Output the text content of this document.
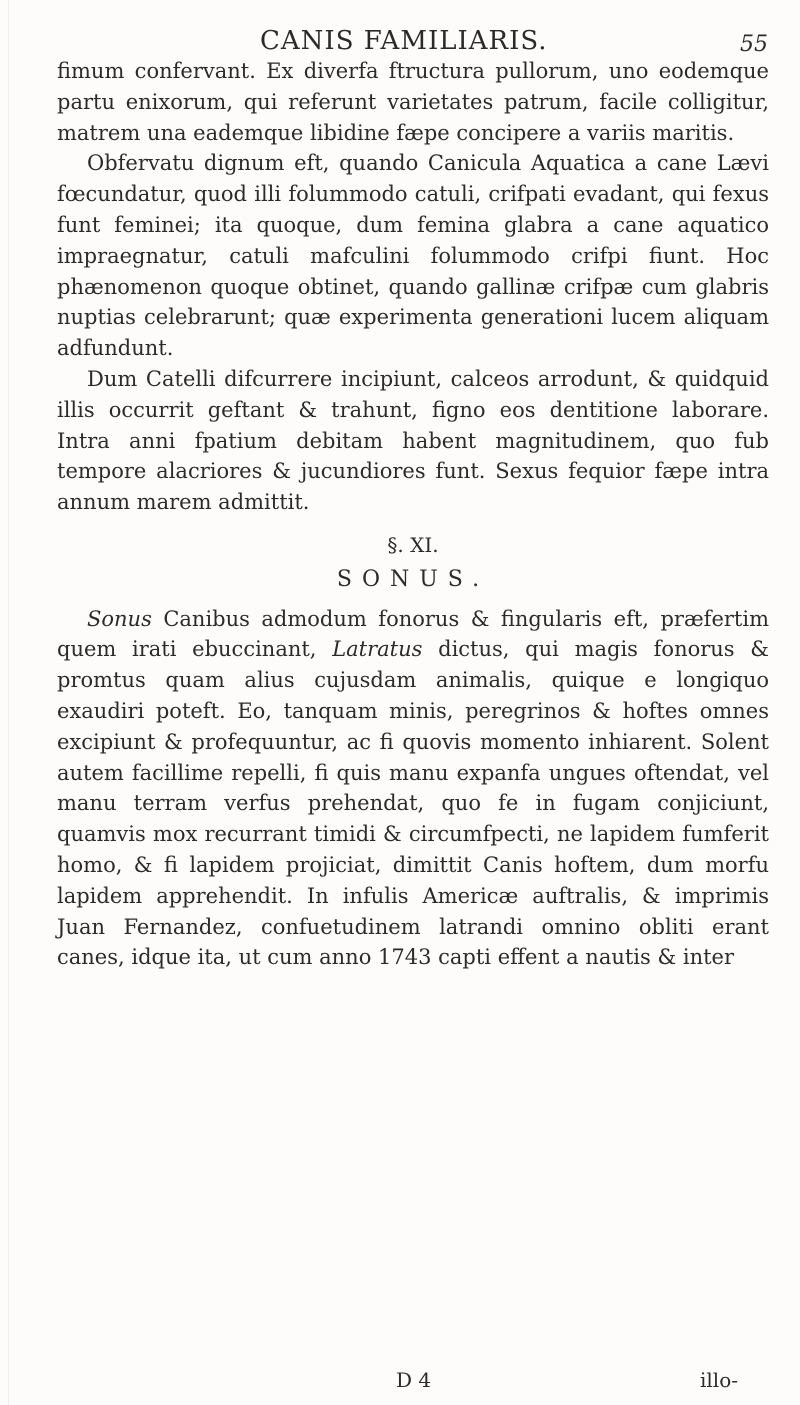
CANIS FAMILIARIS.	55

fimum confervant. Ex diverfa ftructura pullorum, uno eodemque partu enixorum, qui referunt varietates patrum, facile colligitur, matrem una eademque libidine fæpe concipere a variis maritis.

Obfervatu dignum eft, quando Canicula Aquatica a cane Lævi fœcundatur, quod illi folummodo catuli, crifpati evadant, qui fexus funt feminei; ita quoque, dum femina glabra a cane aquatico impraegnatur, catuli mafculini folummodo crifpi fiunt. Hoc phænomenon quoque obtinet, quando gallinæ crifpæ cum glabris nuptias celebrarunt; quæ experimenta generationi lucem aliquam adfundunt.

Dum Catelli difcurrere incipiunt, calceos arrodunt, & quidquid illis occurrit geftant & trahunt, figno eos dentitione laborare. Intra anni fpatium debitam habent magnitudinem, quo fub tempore alacriores & jucundiores funt. Sexus fequior fæpe intra annum marem admittit.

§. XI.

SONUS.

Sonus Canibus admodum fonorus & fingularis eft, præfertim quem irati ebuccinant, Latratus dictus, qui magis fonorus & promtus quam alius cujusdam animalis, quique e longiquo exaudiri poteft. Eo, tanquam minis, peregrinos & hoftes omnes excipiunt & profequuntur, ac fi quovis momento inhiarent. Solent autem facillime repelli, fi quis manu expanfa ungues oftendat, vel manu terram verfus prehendat, quo fe in fugam conjiciunt, quamvis mox recurrant timidi & circumfpecti, ne lapidem fumferit homo, & fi lapidem projiciat, dimittit Canis hoftem, dum morfu lapidem apprehendit. In infulis Americæ auftralis, & imprimis Juan Fernandez, confuetudinem latrandi omnino obliti erant canes, idque ita, ut cum anno 1743 capti effent a nautis & inter

D 4	illo-
